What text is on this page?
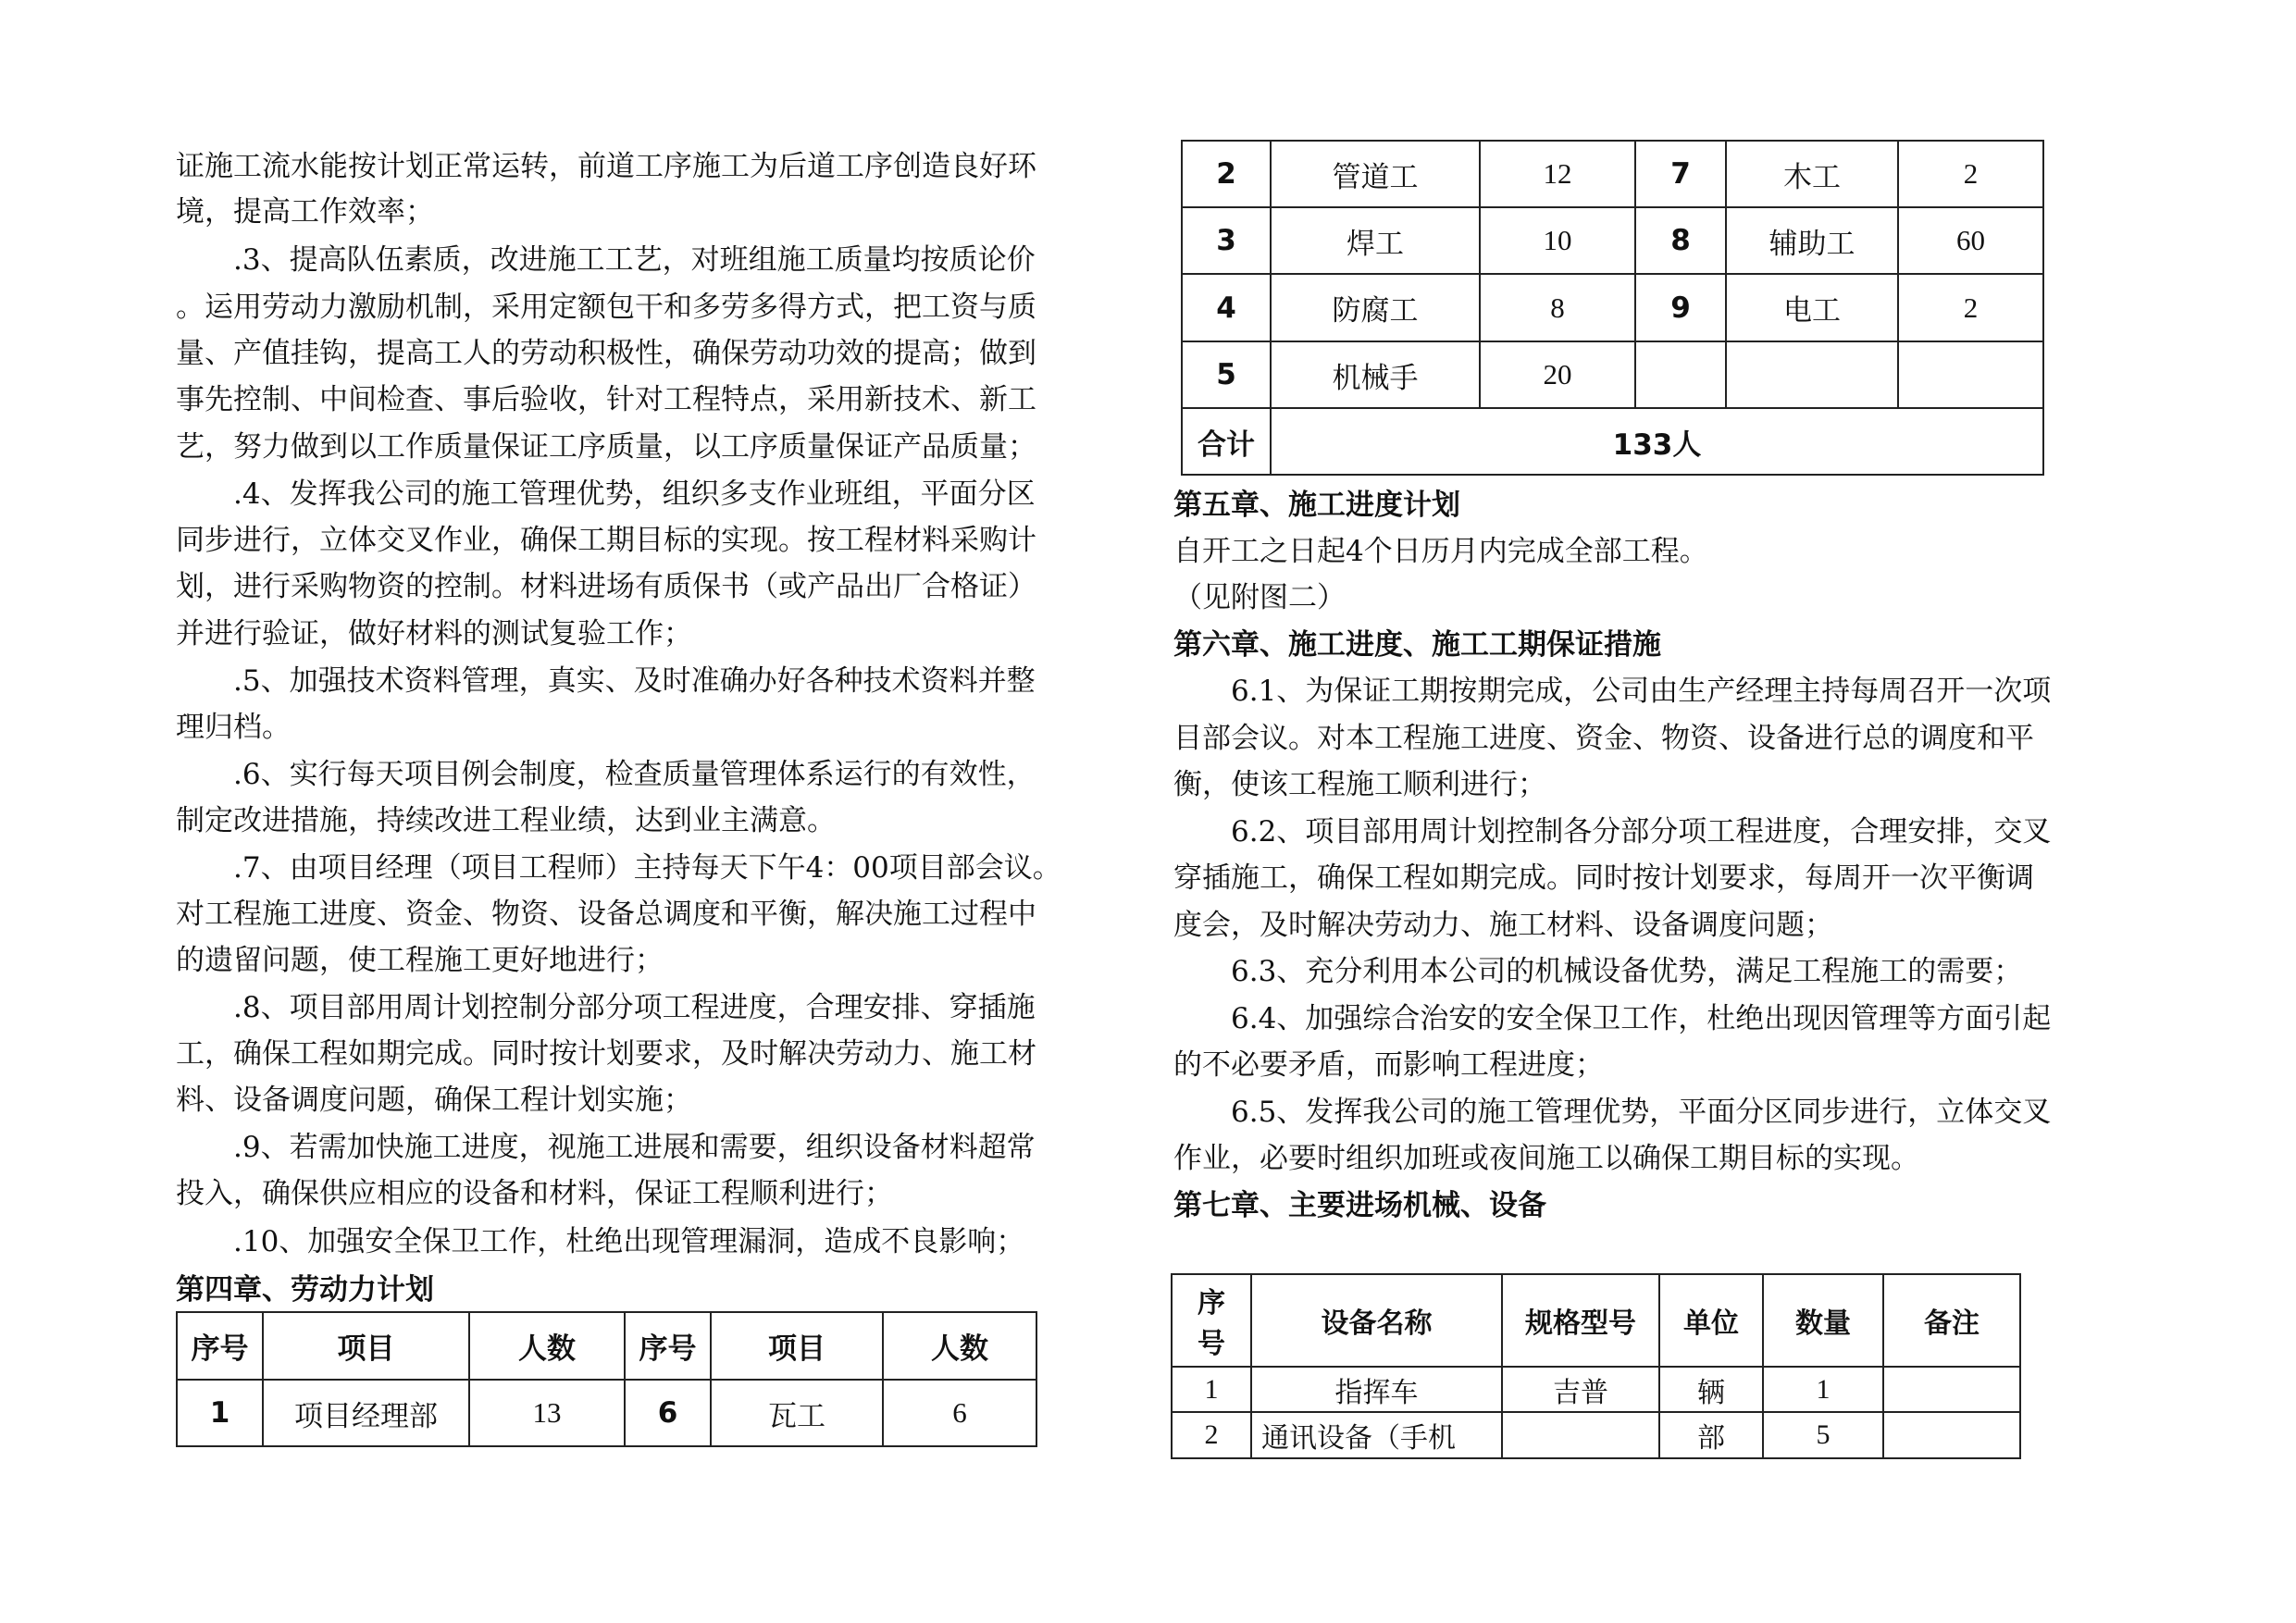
证施工流水能按计划正常运转，前道工序施工为后道工序创造良好环
境，提高工作效率；
.3、提高队伍素质，改进施工工艺，对班组施工质量均按质论价
。运用劳动力激励机制，采用定额包干和多劳多得方式，把工资与质
量、产值挂钩，提高工人的劳动积极性，确保劳动功效的提高；做到
事先控制、中间检查、事后验收，针对工程特点，采用新技术、新工
艺，努力做到以工作质量保证工序质量，以工序质量保证产品质量；
.4、发挥我公司的施工管理优势，组织多支作业班组，平面分区
同步进行，立体交叉作业，确保工期目标的实现。按工程材料采购计
划，进行采购物资的控制。材料进场有质保书（或产品出厂合格证）
并进行验证，做好材料的测试复验工作；
.5、加强技术资料管理，真实、及时准确办好各种技术资料并整
理归档。
.6、实行每天项目例会制度，检查质量管理体系运行的有效性，
制定改进措施，持续改进工程业绩，达到业主满意。
.7、由项目经理（项目工程师）主持每天下午4：00项目部会议。
对工程施工进度、资金、物资、设备总调度和平衡，解决施工过程中
的遗留问题，使工程施工更好地进行；
.8、项目部用周计划控制分部分项工程进度，合理安排、穿插施
工，确保工程如期完成。同时按计划要求，及时解决劳动力、施工材
料、设备调度问题，确保工程计划实施；
.9、若需加快施工进度，视施工进展和需要，组织设备材料超常
投入，确保供应相应的设备和材料，保证工程顺利进行；
.10、加强安全保卫工作，杜绝出现管理漏洞，造成不良影响；
第四章、劳动力计划
序号	项目	人数	序号	项目	人数
1	项目经理部	13	6	瓦工	6
2	管道工	12	7	木工	2
3	焊工	10	8	辅助工	60
4	防腐工	8	9	电工	2
5	机械手	20			
合计	133人				
第五章、施工进度计划
自开工之日起4个日历月内完成全部工程。
（见附图二）
第六章、施工进度、施工工期保证措施
6.1、为保证工期按期完成，公司由生产经理主持每周召开一次项
目部会议。对本工程施工进度、资金、物资、设备进行总的调度和平
衡，使该工程施工顺利进行；
6.2、项目部用周计划控制各分部分项工程进度，合理安排，交叉
穿插施工，确保工程如期完成。同时按计划要求，每周开一次平衡调
度会，及时解决劳动力、施工材料、设备调度问题；
6.3、充分利用本公司的机械设备优势，满足工程施工的需要；
6.4、加强综合治安的安全保卫工作，杜绝出现因管理等方面引起
的不必要矛盾，而影响工程进度；
6.5、发挥我公司的施工管理优势，平面分区同步进行，立体交叉
作业，必要时组织加班或夜间施工以确保工期目标的实现。
第七章、主要进场机械、设备
序
号	设备名称	规格型号	单位	数量	备注
1	指挥车	吉普	辆	1	
2	通讯设备（手机		部	5	
